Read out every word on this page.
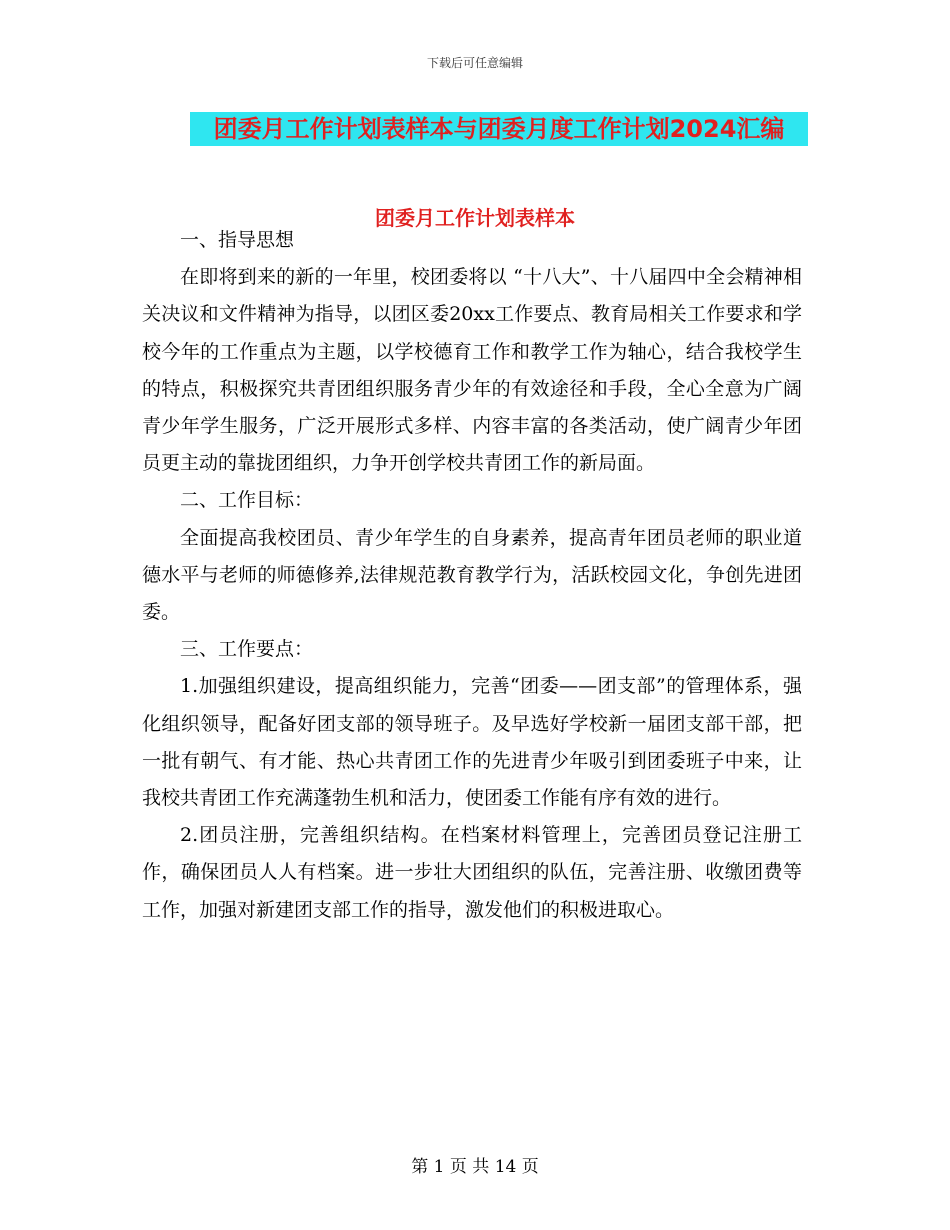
下载后可任意编辑
团委月工作计划表样本与团委月度工作计划2024汇编
团委月工作计划表样本

一、指导思想

在即将到来的新的一年里，校团委将以 “十八大”、十八届四中全会精神相关决议和文件精神为指导，以团区委20xx工作要点、教育局相关工作要求和学校今年的工作重点为主题，以学校德育工作和教学工作为轴心，结合我校学生的特点，积极探究共青团组织服务青少年的有效途径和手段，全心全意为广阔青少年学生服务，广泛开展形式多样、内容丰富的各类活动，使广阔青少年团员更主动的靠拢团组织，力争开创学校共青团工作的新局面。

二、工作目标：

全面提高我校团员、青少年学生的自身素养，提高青年团员老师的职业道德水平与老师的师德修养,法律规范教育教学行为，活跃校园文化，争创先进团委。

三、工作要点：

1.加强组织建设，提高组织能力，完善“团委——团支部”的管理体系，强化组织领导，配备好团支部的领导班子。及早选好学校新一届团支部干部，把一批有朝气、有才能、热心共青团工作的先进青少年吸引到团委班子中来，让我校共青团工作充满蓬勃生机和活力，使团委工作能有序有效的进行。

2.团员注册，完善组织结构。在档案材料管理上，完善团员登记注册工作，确保团员人人有档案。进一步壮大团组织的队伍，完善注册、收缴团费等工作，加强对新建团支部工作的指导，激发他们的积极进取心。

第 1 页 共 14 页
